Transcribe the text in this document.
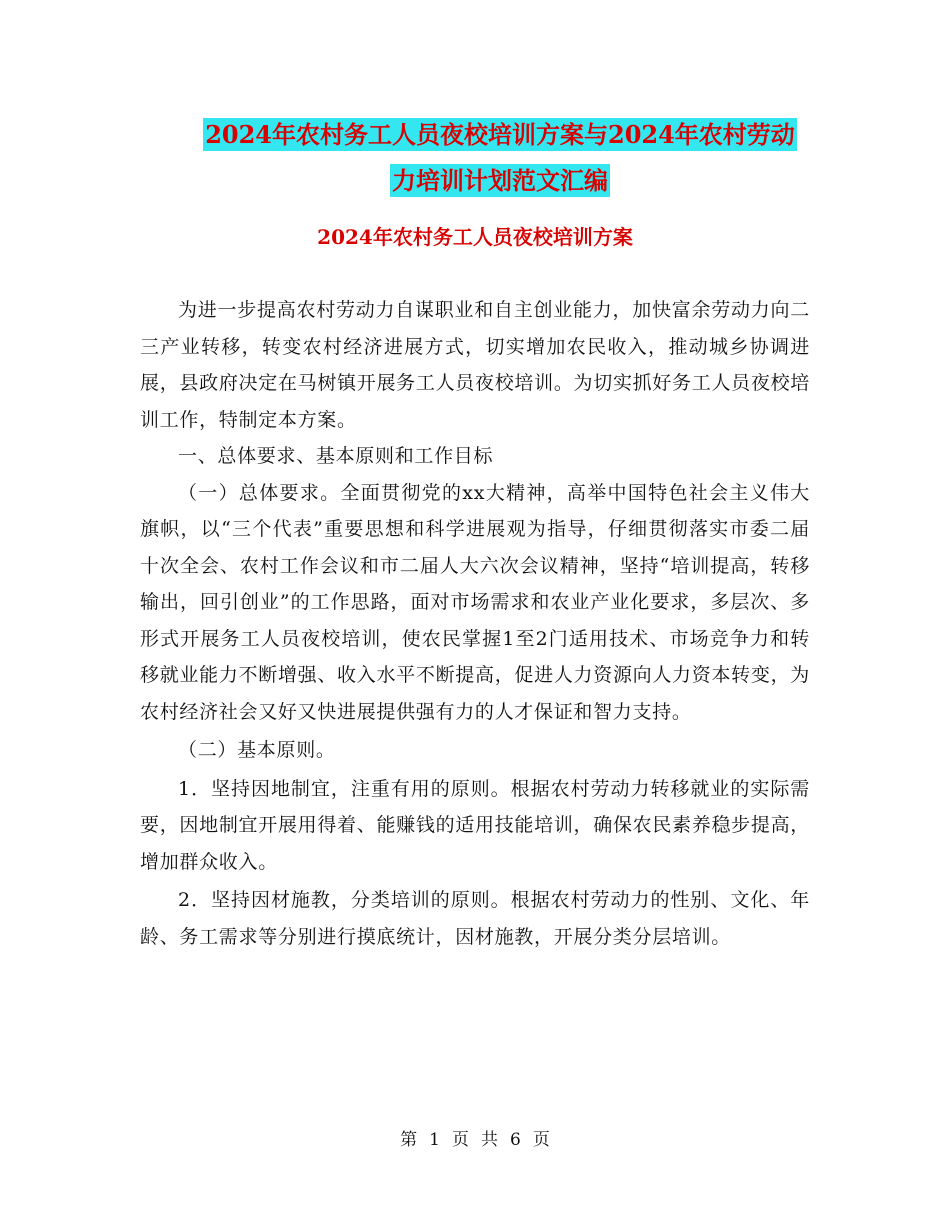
2024年农村务工人员夜校培训方案与2024年农村劳动
力培训计划范文汇编
2024年农村务工人员夜校培训方案

为进一步提高农村劳动力自谋职业和自主创业能力，加快富余劳动力向二三产业转移，转变农村经济进展方式，切实增加农民收入，推动城乡协调进展，县政府决定在马树镇开展务工人员夜校培训。为切实抓好务工人员夜校培训工作，特制定本方案。

一、总体要求、基本原则和工作目标

（一）总体要求。全面贯彻党的xx大精神，高举中国特色社会主义伟大旗帜，以“三个代表”重要思想和科学进展观为指导，仔细贯彻落实市委二届十次全会、农村工作会议和市二届人大六次会议精神，坚持“培训提高，转移输出，回引创业”的工作思路，面对市场需求和农业产业化要求，多层次、多形式开展务工人员夜校培训，使农民掌握1至2门适用技术、市场竞争力和转移就业能力不断增强、收入水平不断提高，促进人力资源向人力资本转变，为农村经济社会又好又快进展提供强有力的人才保证和智力支持。

（二）基本原则。

1．坚持因地制宜，注重有用的原则。根据农村劳动力转移就业的实际需要，因地制宜开展用得着、能赚钱的适用技能培训，确保农民素养稳步提高，增加群众收入。

2．坚持因材施教，分类培训的原则。根据农村劳动力的性别、文化、年龄、务工需求等分别进行摸底统计，因材施教，开展分类分层培训。

第 1 页 共 6 页
